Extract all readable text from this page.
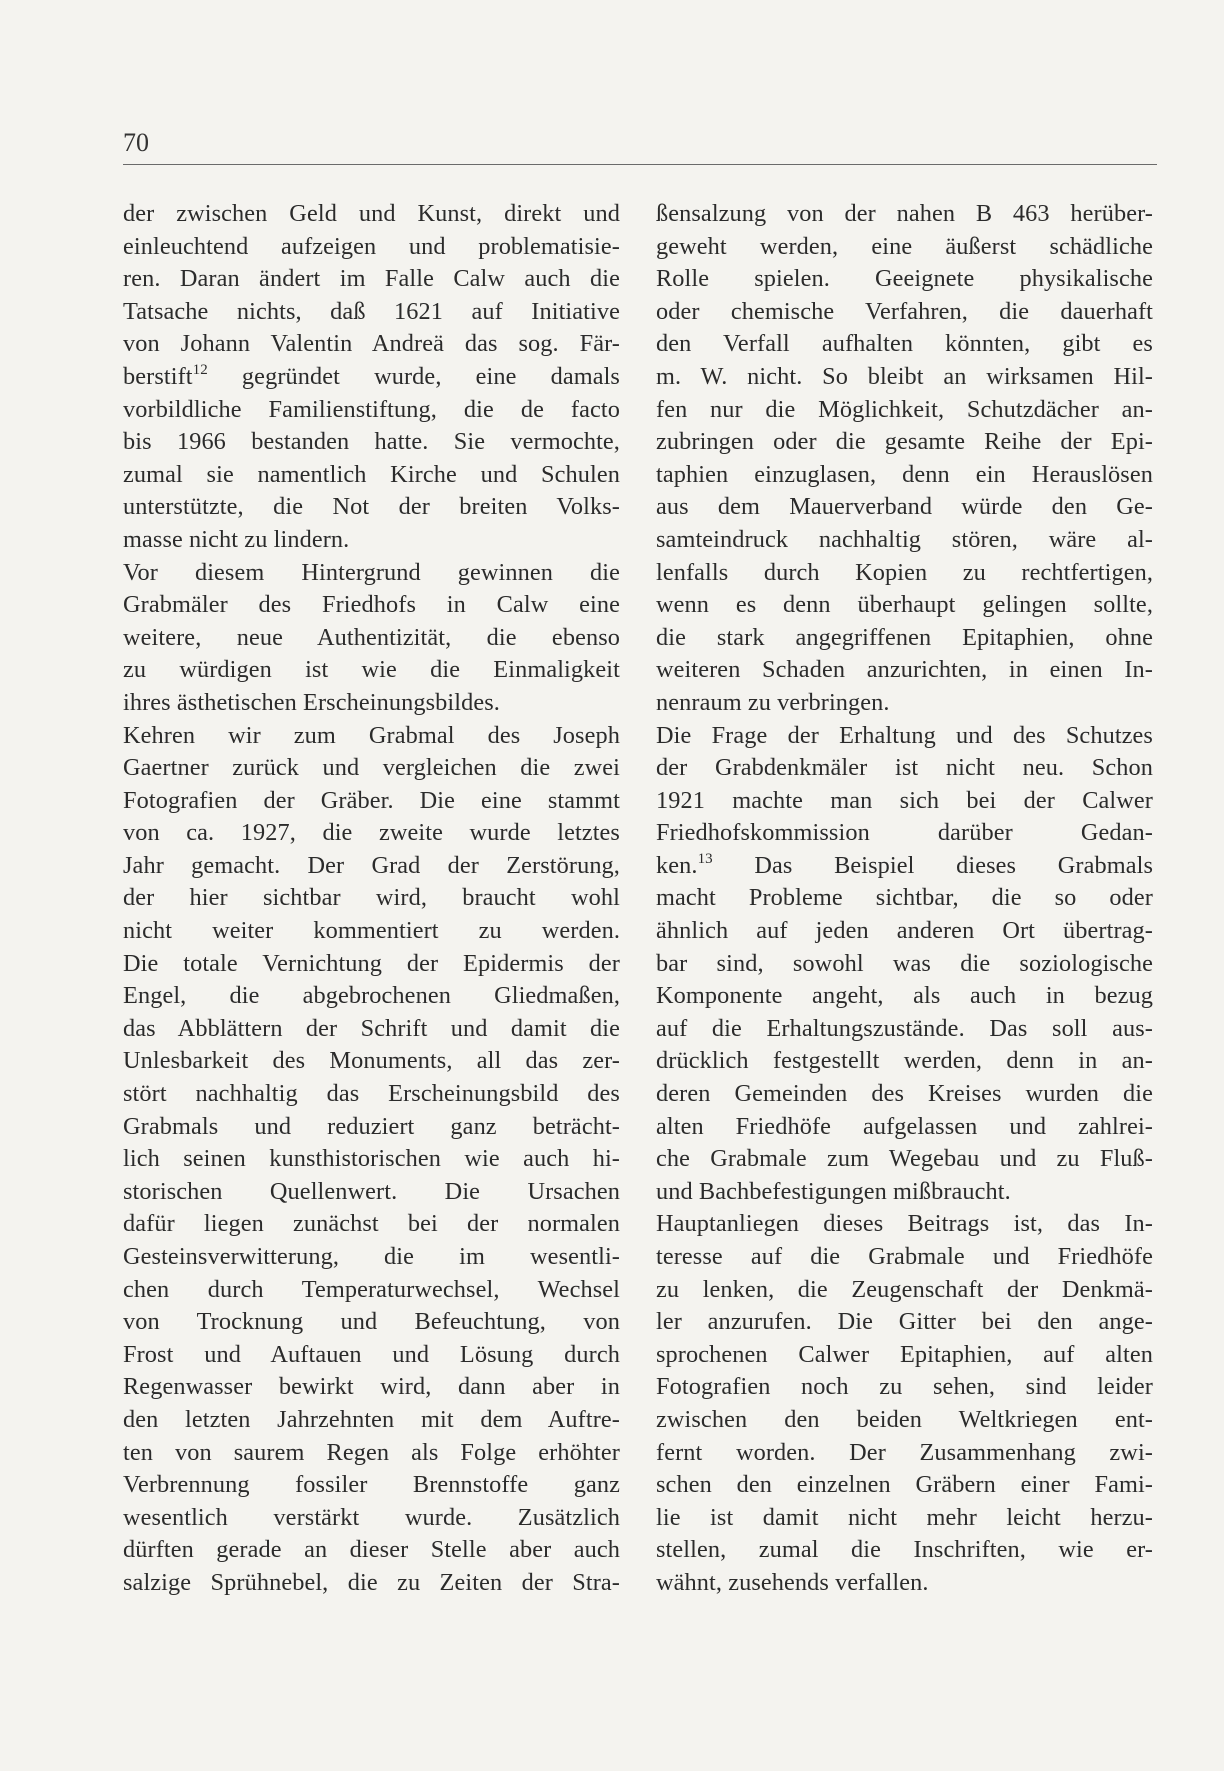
70
der zwischen Geld und Kunst, direkt und
einleuchtend aufzeigen und problematisie-
ren. Daran ändert im Falle Calw auch die
Tatsache nichts, daß 1621 auf Initiative
von Johann Valentin Andreä das sog. Fär-
berstift$^{12}$ gegründet wurde, eine damals
vorbildliche Familienstiftung, die de facto
bis 1966 bestanden hatte. Sie vermochte,
zumal sie namentlich Kirche und Schulen
unterstützte, die Not der breiten Volks-
masse nicht zu lindern.
Vor diesem Hintergrund gewinnen die
Grabmäler des Friedhofs in Calw eine
weitere, neue Authentizität, die ebenso
zu würdigen ist wie die Einmaligkeit
ihres ästhetischen Erscheinungsbildes.
Kehren wir zum Grabmal des Joseph
Gaertner zurück und vergleichen die zwei
Fotografien der Gräber. Die eine stammt
von ca. 1927, die zweite wurde letztes
Jahr gemacht. Der Grad der Zerstörung,
der hier sichtbar wird, braucht wohl
nicht weiter kommentiert zu werden.
Die totale Vernichtung der Epidermis der
Engel, die abgebrochenen Gliedmaßen,
das Abblättern der Schrift und damit die
Unlesbarkeit des Monuments, all das zer-
stört nachhaltig das Erscheinungsbild des
Grabmals und reduziert ganz beträcht-
lich seinen kunsthistorischen wie auch hi-
storischen Quellenwert. Die Ursachen
dafür liegen zunächst bei der normalen
Gesteinsverwitterung, die im wesentli-
chen durch Temperaturwechsel, Wechsel
von Trocknung und Befeuchtung, von
Frost und Auftauen und Lösung durch
Regenwasser bewirkt wird, dann aber in
den letzten Jahrzehnten mit dem Auftre-
ten von saurem Regen als Folge erhöhter
Verbrennung fossiler Brennstoffe ganz
wesentlich verstärkt wurde. Zusätzlich
dürften gerade an dieser Stelle aber auch
salzige Sprühnebel, die zu Zeiten der Stra-
ßensalzung von der nahen B 463 herüber-
geweht werden, eine äußerst schädliche
Rolle spielen. Geeignete physikalische
oder chemische Verfahren, die dauerhaft
den Verfall aufhalten könnten, gibt es
m. W. nicht. So bleibt an wirksamen Hil-
fen nur die Möglichkeit, Schutzdächer an-
zubringen oder die gesamte Reihe der Epi-
taphien einzuglasen, denn ein Herauslösen
aus dem Mauerverband würde den Ge-
samteindruck nachhaltig stören, wäre al-
lenfalls durch Kopien zu rechtfertigen,
wenn es denn überhaupt gelingen sollte,
die stark angegriffenen Epitaphien, ohne
weiteren Schaden anzurichten, in einen In-
nenraum zu verbringen.
Die Frage der Erhaltung und des Schutzes
der Grabdenkmäler ist nicht neu. Schon
1921 machte man sich bei der Calwer
Friedhofskommission darüber Gedan-
ken.$^{13}$ Das Beispiel dieses Grabmals
macht Probleme sichtbar, die so oder
ähnlich auf jeden anderen Ort übertrag-
bar sind, sowohl was die soziologische
Komponente angeht, als auch in bezug
auf die Erhaltungszustände. Das soll aus-
drücklich festgestellt werden, denn in an-
deren Gemeinden des Kreises wurden die
alten Friedhöfe aufgelassen und zahlrei-
che Grabmale zum Wegebau und zu Fluß-
und Bachbefestigungen mißbraucht.
Hauptanliegen dieses Beitrags ist, das In-
teresse auf die Grabmale und Friedhöfe
zu lenken, die Zeugenschaft der Denkmä-
ler anzurufen. Die Gitter bei den ange-
sprochenen Calwer Epitaphien, auf alten
Fotografien noch zu sehen, sind leider
zwischen den beiden Weltkriegen ent-
fernt worden. Der Zusammenhang zwi-
schen den einzelnen Gräbern einer Fami-
lie ist damit nicht mehr leicht herzu-
stellen, zumal die Inschriften, wie er-
wähnt, zusehends verfallen.
